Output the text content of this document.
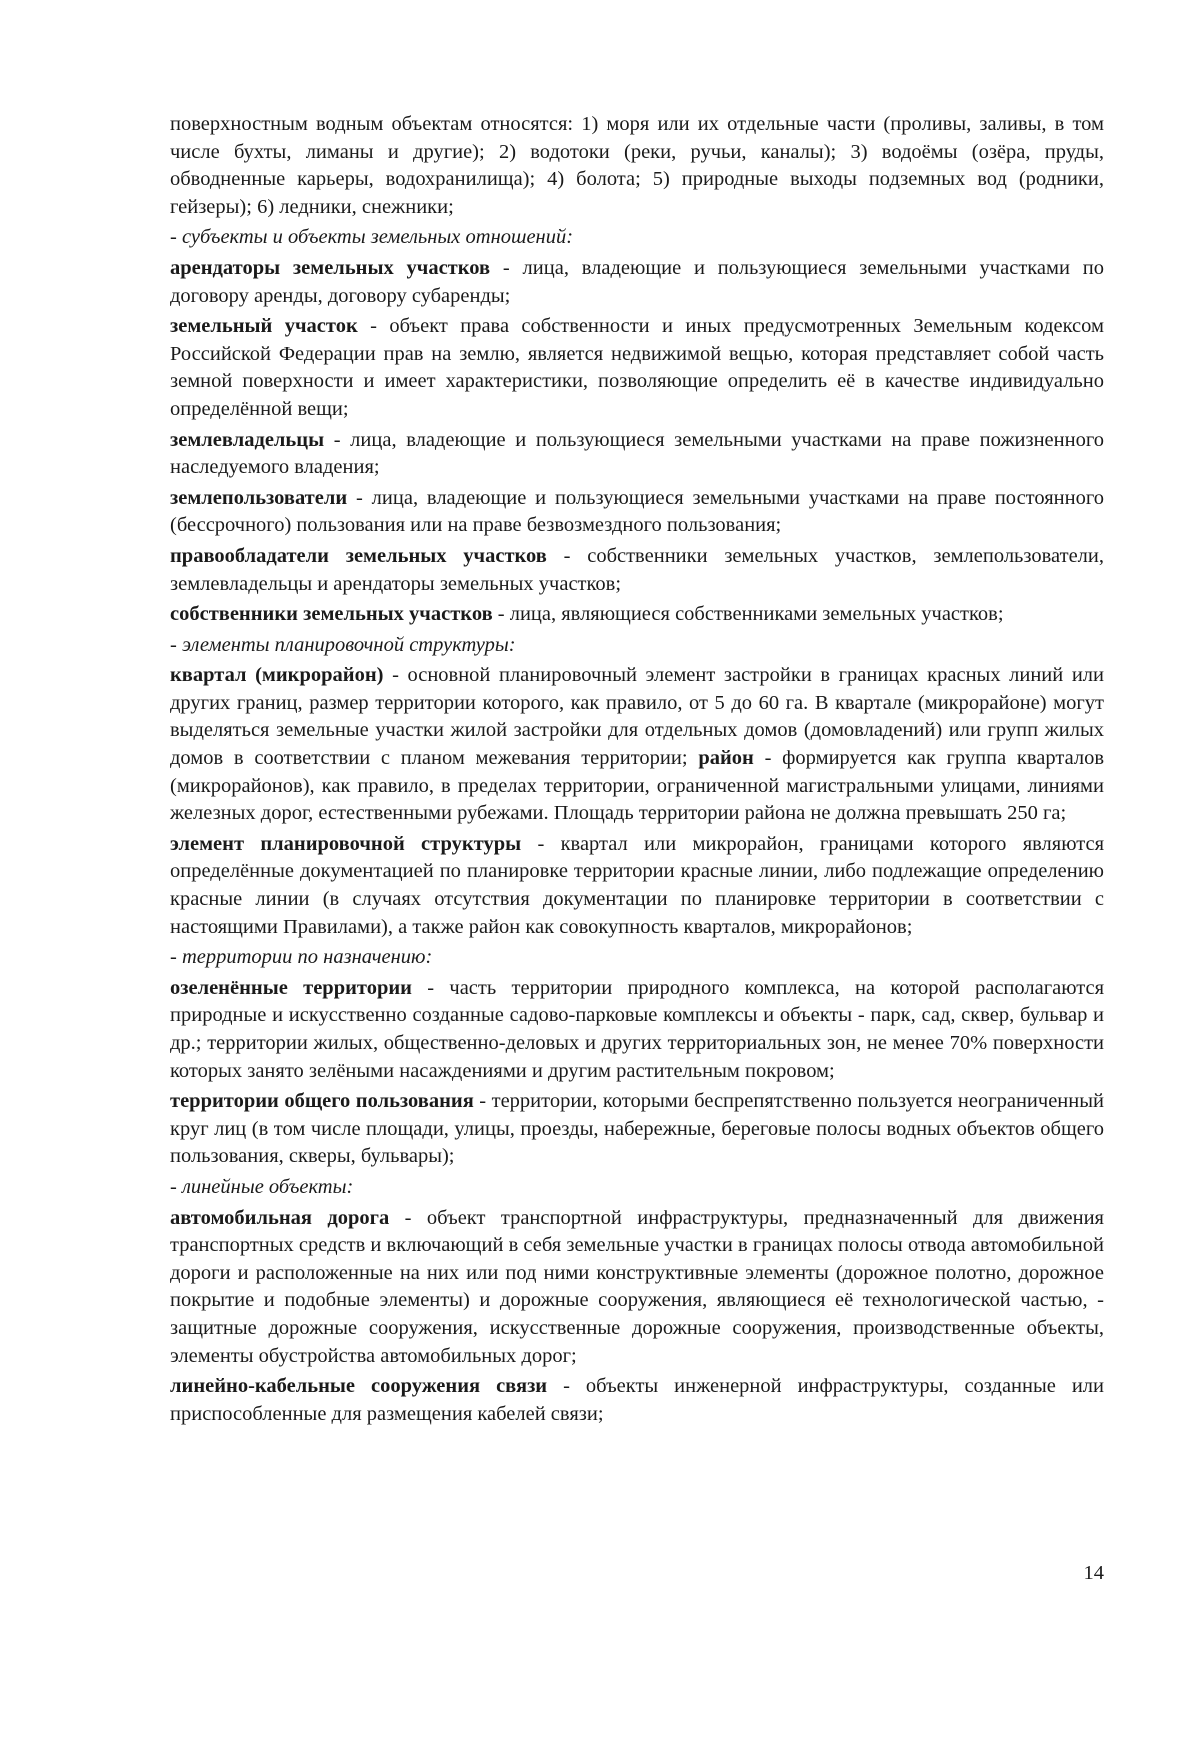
поверхностным водным объектам относятся: 1) моря или их отдельные части (проливы, заливы, в том числе бухты, лиманы и другие); 2) водотоки (реки, ручьи, каналы); 3) водоёмы (озёра, пруды, обводненные карьеры, водохранилища); 4) болота; 5) природные выходы подземных вод (родники, гейзеры); 6) ледники, снежники;

- субъекты и объекты земельных отношений:

арендаторы земельных участков - лица, владеющие и пользующиеся земельными участками по договору аренды, договору субаренды;

земельный участок - объект права собственности и иных предусмотренных Земельным кодексом Российской Федерации прав на землю, является недвижимой вещью, которая представляет собой часть земной поверхности и имеет характеристики, позволяющие определить её в качестве индивидуально определённой вещи;

землевладельцы - лица, владеющие и пользующиеся земельными участками на праве пожизненного наследуемого владения;

землепользователи - лица, владеющие и пользующиеся земельными участками на праве постоянного (бессрочного) пользования или на праве безвозмездного пользования;

правообладатели земельных участков - собственники земельных участков, землепользователи, землевладельцы и арендаторы земельных участков;

собственники земельных участков - лица, являющиеся собственниками земельных участков;

- элементы планировочной структуры:

квартал (микрорайон) - основной планировочный элемент застройки в границах красных линий или других границ, размер территории которого, как правило, от 5 до 60 га. В квартале (микрорайоне) могут выделяться земельные участки жилой застройки для отдельных домов (домовладений) или групп жилых домов в соответствии с планом межевания территории; район - формируется как группа кварталов (микрорайонов), как правило, в пределах территории, ограниченной магистральными улицами, линиями железных дорог, естественными рубежами. Площадь территории района не должна превышать 250 га;

элемент планировочной структуры - квартал или микрорайон, границами которого являются определённые документацией по планировке территории красные линии, либо подлежащие определению красные линии (в случаях отсутствия документации по планировке территории в соответствии с настоящими Правилами), а также район как совокупность кварталов, микрорайонов;

- территории по назначению:

озеленённые территории - часть территории природного комплекса, на которой располагаются природные и искусственно созданные садово-парковые комплексы и объекты - парк, сад, сквер, бульвар и др.; территории жилых, общественно-деловых и других территориальных зон, не менее 70% поверхности которых занято зелёными насаждениями и другим растительным покровом;

территории общего пользования - территории, которыми беспрепятственно пользуется неограниченный круг лиц (в том числе площади, улицы, проезды, набережные, береговые полосы водных объектов общего пользования, скверы, бульвары);

- линейные объекты:

автомобильная дорога - объект транспортной инфраструктуры, предназначенный для движения транспортных средств и включающий в себя земельные участки в границах полосы отвода автомобильной дороги и расположенные на них или под ними конструктивные элементы (дорожное полотно, дорожное покрытие и подобные элементы) и дорожные сооружения, являющиеся её технологической частью, - защитные дорожные сооружения, искусственные дорожные сооружения, производственные объекты, элементы обустройства автомобильных дорог;

линейно-кабельные сооружения связи - объекты инженерной инфраструктуры, созданные или приспособленные для размещения кабелей связи;

14
